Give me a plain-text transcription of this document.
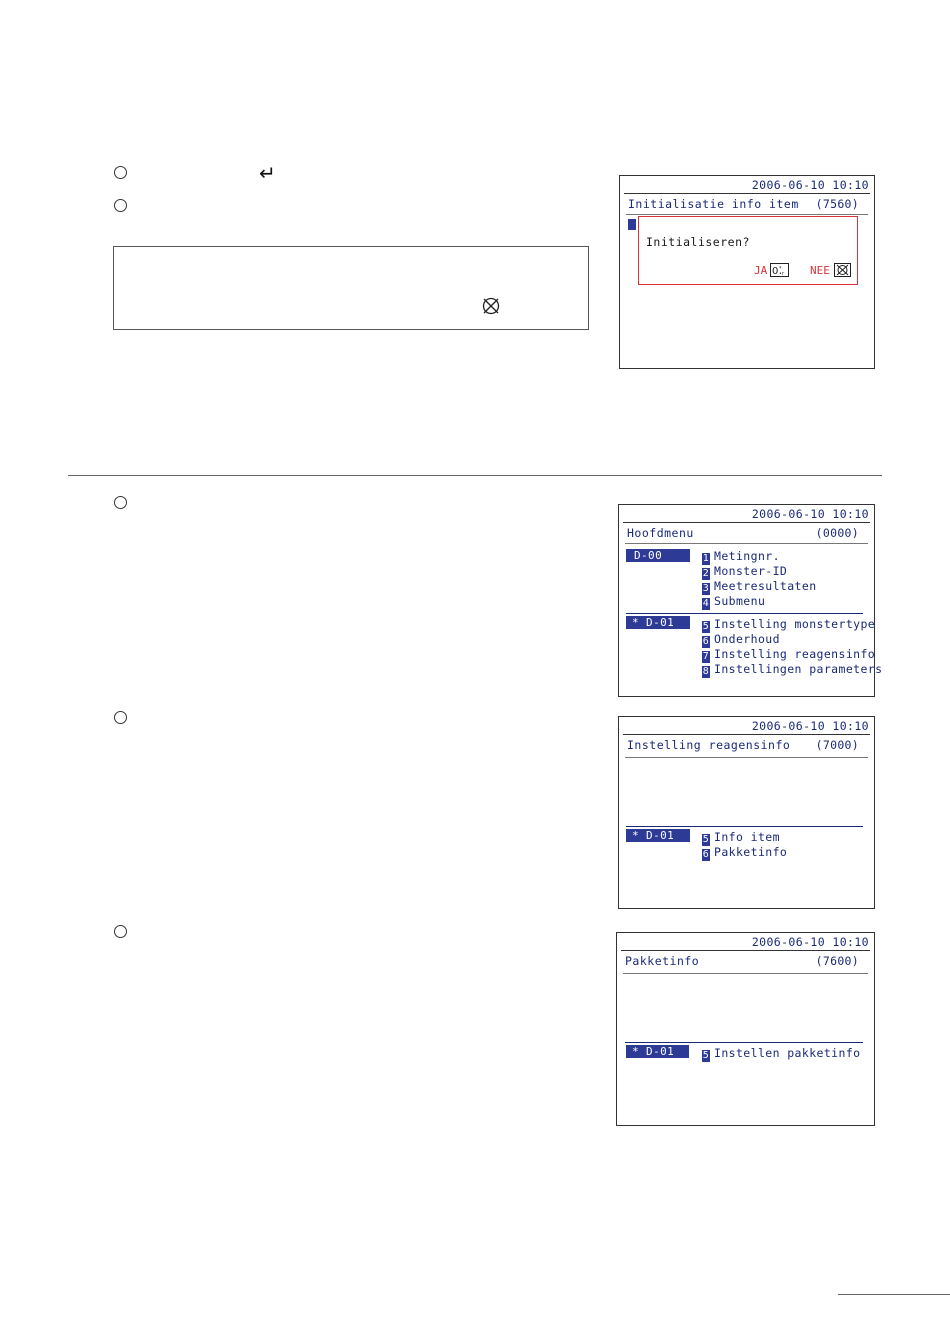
↵	2006-06-10 10:10
Initialisatie info item (7560)
Initialiseren?
JA 0 *
•r NEE
2006-06-10 10:10
Hoofdmenu	(0000)
D-00	1 Metingnr.
2 Monster-ID
3 Meetresultaten
4 Submenu
* D-01	5 Instelling monstertype
6 Onderhoud
7 Instelling reagensinfo
8 Instellingen parameters
2006-06-10 10:10
Instelling reagensinfo (7000)
* D-01	5 Info item
6 Pakketinfo
2006-06-10 10:10
Pakketinfo	(7600)
* D-01	5 Instellen pakketinfo
